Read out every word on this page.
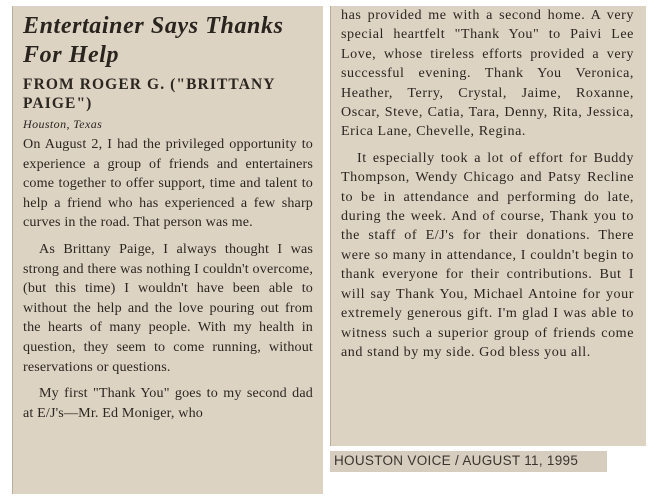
Entertainer Says Thanks
For Help
FROM ROGER G. ("BRITTANY
PAIGE")
Houston, Texas

On August 2, I had the privileged opportunity to experience a group of friends and entertainers come together to offer support, time and talent to help a friend who has experienced a few sharp curves in the road. That person was me.

As Brittany Paige, I always thought I was strong and there was nothing I couldn't overcome, (but this time) I wouldn't have been able to without the help and the love pouring out from the hearts of many people. With my health in question, they seem to come running, without reservations or questions.

My first "Thank You" goes to my second dad at E/J's—Mr. Ed Moniger, who

has provided me with a second home. A very special heartfelt "Thank You" to Paivi Lee Love, whose tireless efforts provided a very successful evening. Thank You Veronica, Heather, Terry, Crystal, Jaime, Roxanne, Oscar, Steve, Catia, Tara, Denny, Rita, Jessica, Erica Lane, Chevelle, Regina.

It especially took a lot of effort for Buddy Thompson, Wendy Chicago and Patsy Recline to be in attendance and performing do late, during the week. And of course, Thank you to the staff of E/J's for their donations. There were so many in attendance, I couldn't begin to thank everyone for their contributions. But I will say Thank You, Michael Antoine for your extremely generous gift. I'm glad I was able to witness such a superior group of friends come and stand by my side. God bless you all.

HOUSTON VOICE / AUGUST 11, 1995
